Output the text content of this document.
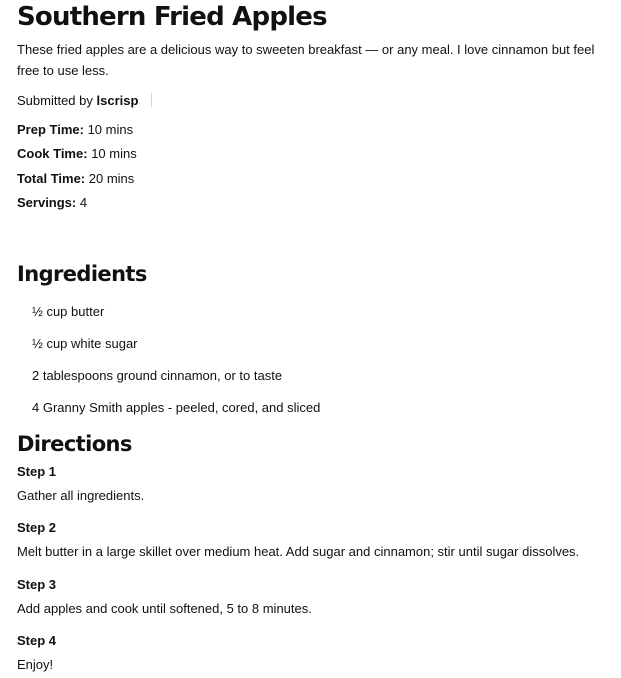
Southern Fried Apples
These fried apples are a delicious way to sweeten breakfast — or any meal. I love cinnamon but feel free to use less.
Submitted by lscrisp
Prep Time: 10 mins
Cook Time: 10 mins
Total Time: 20 mins
Servings: 4
Ingredients
½ cup butter
½ cup white sugar
2 tablespoons ground cinnamon, or to taste
4 Granny Smith apples - peeled, cored, and sliced
Directions
Step 1
Gather all ingredients.
Step 2
Melt butter in a large skillet over medium heat. Add sugar and cinnamon; stir until sugar dissolves.
Step 3
Add apples and cook until softened, 5 to 8 minutes.
Step 4
Enjoy!
